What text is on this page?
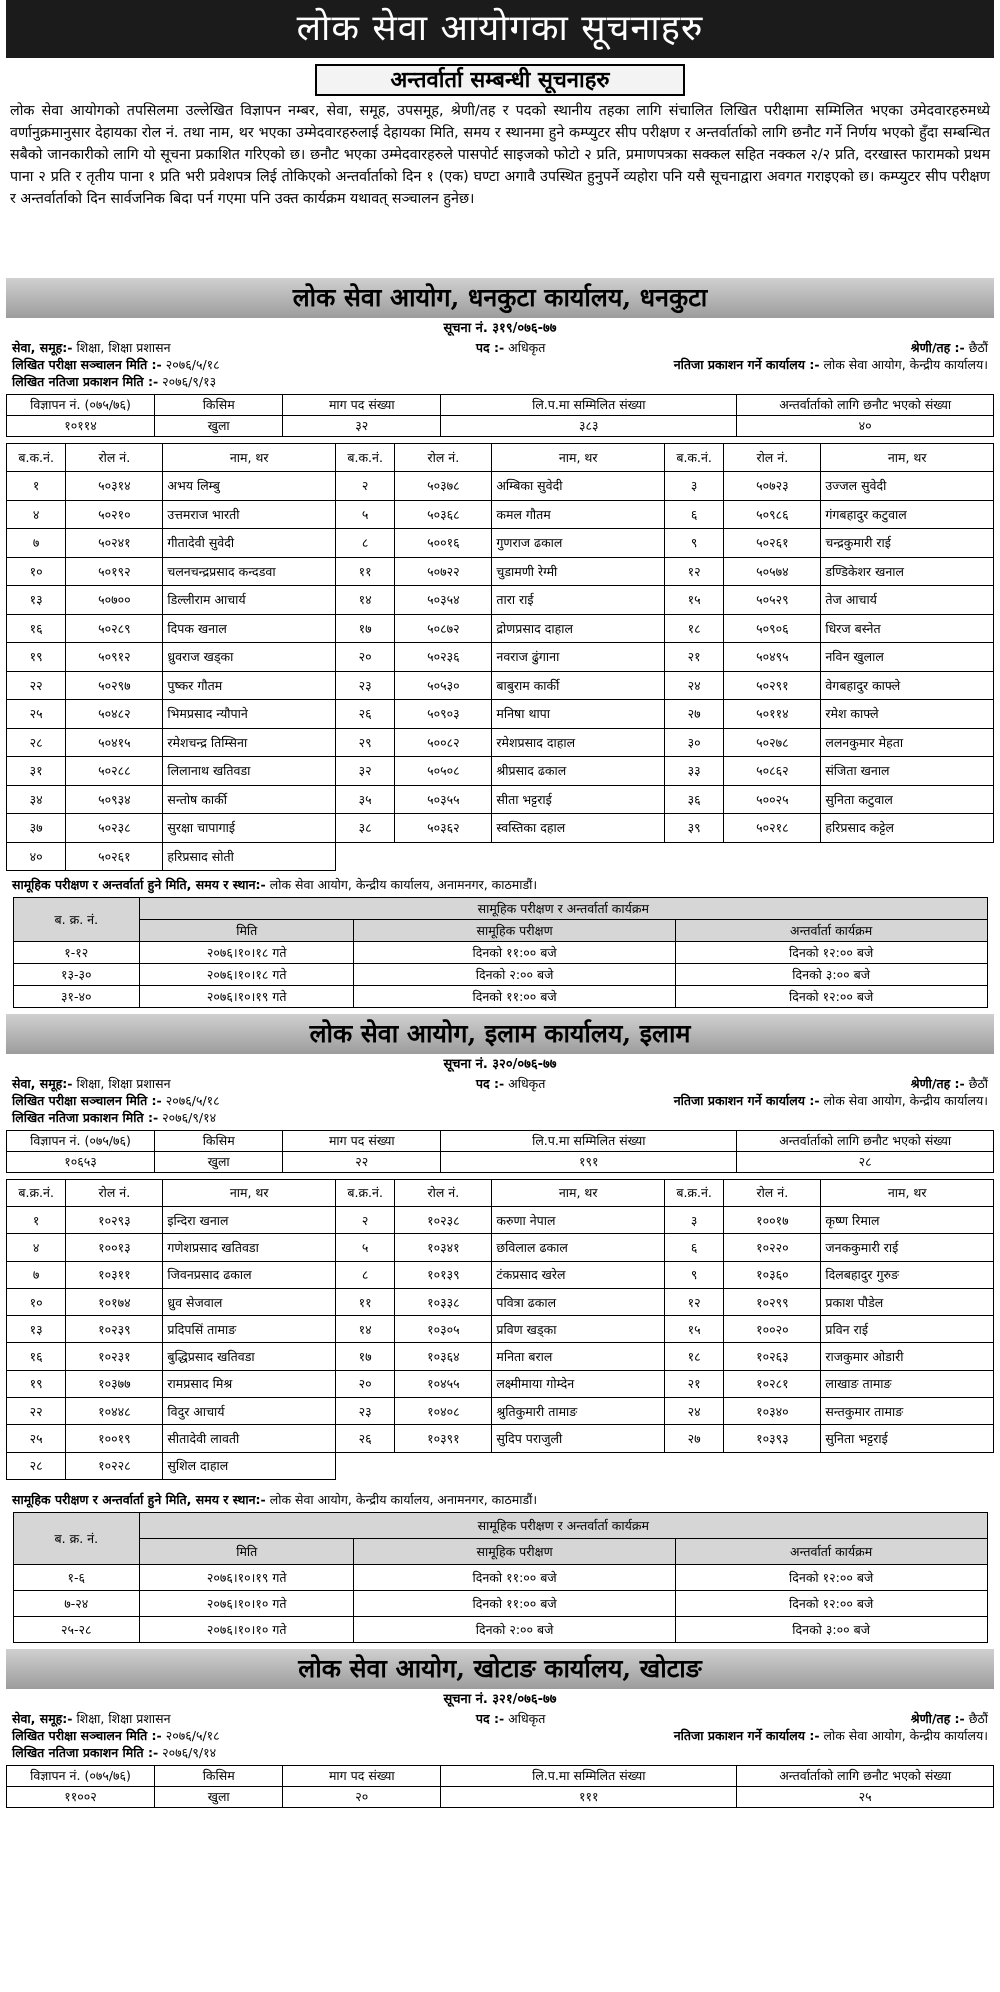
लोक सेवा आयोगका सूचनाहरु
अन्तर्वार्ता सम्बन्धी सूचनाहरु

लोक सेवा आयोगको तपसिलमा उल्लेखित विज्ञापन नम्बर, सेवा, समूह, उपसमूह, श्रेणी/तह र पदको स्थानीय तहका लागि संचालित लिखित परीक्षामा सम्मिलित भएका उमेदवारहरुमध्ये वर्णानुक्रमानुसार देहायका रोल नं. तथा नाम, थर भएका उम्मेदवारहरुलाई देहायका मिति, समय र स्थानमा हुने कम्प्युटर सीप परीक्षण र अन्तर्वार्ताको लागि छनौट गर्ने निर्णय भएको हुँदा सम्बन्धित सबैको जानकारीको लागि यो सूचना प्रकाशित गरिएको छ। छनौट भएका उम्मेदवारहरुले पासपोर्ट साइजको फोटो २ प्रति, प्रमाणपत्रका सक्कल सहित नक्कल २/२ प्रति, दरखास्त फारामको प्रथम पाना २ प्रति र तृतीय पाना १ प्रति भरी प्रवेशपत्र लिई तोकिएको अन्तर्वार्ताको दिन १ (एक) घण्टा अगावै उपस्थित हुनुपर्ने व्यहोरा पनि यसै सूचनाद्वारा अवगत गराइएको छ। कम्प्युटर सीप परीक्षण र अन्तर्वार्ताको दिन सार्वजनिक बिदा पर्न गएमा पनि उक्त कार्यक्रम यथावत् सञ्चालन हुनेछ।

लोक सेवा आयोग, धनकुटा कार्यालय, धनकुटा
सूचना नं. ३१९/०७६-७७
सेवा, समूह:- शिक्षा, शिक्षा प्रशासन	पद :- अधिकृत	श्रेणी/तह :- छैठौं
लिखित परीक्षा सञ्चालन मिति :- २०७६/५/१८	नतिजा प्रकाशन गर्ने कार्यालय :- लोक सेवा आयोग, केन्द्रीय कार्यालय।
लिखित नतिजा प्रकाशन मिति :- २०७६/९/१३
विज्ञापन नं. (०७५/७६)	किसिम	माग पद संख्या	लि.प.मा सम्मिलित संख्या	अन्तर्वार्ताको लागि छनौट भएको संख्या
१०११४	खुला	३२	३८३	४०
ब.क.नं.	रोल नं.	नाम, थर	ब.क.नं.	रोल नं.	नाम, थर	ब.क.नं.	रोल नं.	नाम, थर
१	५०३१४	अभय लिम्बु	२	५०३७८	अम्बिका सुवेदी	३	५०७२३	उज्जल सुवेदी
४	५०२१०	उत्तमराज भारती	५	५०३६८	कमल गौतम	६	५०९८६	गंगबहादुर कटुवाल
७	५०२४१	गीतादेवी सुवेदी	८	५००१६	गुणराज ढकाल	९	५०२६१	चन्द्रकुमारी राई
१०	५०१९२	चलनचन्द्रप्रसाद कन्दडवा	११	५०७२२	चुडामणी रेग्मी	१२	५०५७४	डण्डिकेशर खनाल
१३	५०७००	डिल्लीराम आचार्य	१४	५०३५४	तारा राई	१५	५०५२९	तेज आचार्य
१६	५०२८९	दिपक खनाल	१७	५०८७२	द्रोणप्रसाद दाहाल	१८	५०९०६	धिरज बस्नेत
१९	५०९१२	ध्रुवराज खड्का	२०	५०२३६	नवराज ढुंगाना	२१	५०४९५	नविन खुलाल
२२	५०२९७	पुष्कर गौतम	२३	५०५३०	बाबुराम कार्की	२४	५०२९१	वेगबहादुर काफ्ले
२५	५०४८२	भिमप्रसाद न्यौपाने	२६	५०९०३	मनिषा थापा	२७	५०११४	रमेश काफ्ले
२८	५०४१५	रमेशचन्द्र तिम्सिना	२९	५००८२	रमेशप्रसाद दाहाल	३०	५०२७८	ललनकुमार मेहता
३१	५०२८८	लिलानाथ खतिवडा	३२	५०५०८	श्रीप्रसाद ढकाल	३३	५०८६२	संजिता खनाल
३४	५०९३४	सन्तोष कार्की	३५	५०३५५	सीता भट्टराई	३६	५००२५	सुनिता कटुवाल
३७	५०२३८	सुरक्षा चापागाई	३८	५०३६२	स्वस्तिका दहाल	३९	५०२१८	हरिप्रसाद कट्टेल
४०	५०२६१	हरिप्रसाद सोती						
सामूहिक परीक्षण र अन्तर्वार्ता हुने मिति, समय र स्थान:- लोक सेवा आयोग, केन्द्रीय कार्यालय, अनामनगर, काठमाडौं।
ब. क्र. नं.	सामूहिक परीक्षण र अन्तर्वार्ता कार्यक्रम		
	मिति	सामूहिक परीक्षण	अन्तर्वार्ता कार्यक्रम
१-१२	२०७६।१०।१८ गते	दिनको ११:०० बजे	दिनको १२:०० बजे
१३-३०	२०७६।१०।१८ गते	दिनको २:०० बजे	दिनको ३:०० बजे
३१-४०	२०७६।१०।१९ गते	दिनको ११:०० बजे	दिनको १२:०० बजे
लोक सेवा आयोग, इलाम कार्यालय, इलाम
सूचना नं. ३२०/०७६-७७
सेवा, समूह:- शिक्षा, शिक्षा प्रशासन	पद :- अधिकृत	श्रेणी/तह :- छैठौं
लिखित परीक्षा सञ्चालन मिति :- २०७६/५/१८	नतिजा प्रकाशन गर्ने कार्यालय :- लोक सेवा आयोग, केन्द्रीय कार्यालय।
लिखित नतिजा प्रकाशन मिति :- २०७६/९/१४
विज्ञापन नं. (०७५/७६)	किसिम	माग पद संख्या	लि.प.मा सम्मिलित संख्या	अन्तर्वार्ताको लागि छनौट भएको संख्या
१०६५३	खुला	२२	१९१	२८
ब.क्र.नं.	रोल नं.	नाम, थर	ब.क्र.नं.	रोल नं.	नाम, थर	ब.क्र.नं.	रोल नं.	नाम, थर
१	१०२९३	इन्दिरा खनाल	२	१०२३८	करुणा नेपाल	३	१००१७	कृष्ण रिमाल
४	१००१३	गणेशप्रसाद खतिवडा	५	१०३४१	छविलाल ढकाल	६	१०२२०	जनककुमारी राई
७	१०३११	जिवनप्रसाद ढकाल	८	१०१३९	टंकप्रसाद खरेल	९	१०३६०	दिलबहादुर गुरुङ
१०	१०१७४	ध्रुव सेजवाल	११	१०३३८	पवित्रा ढकाल	१२	१०२९९	प्रकाश पौडेल
१३	१०२३९	प्रदिपसिं तामाङ	१४	१०३०५	प्रविण खड्का	१५	१००२०	प्रविन राई
१६	१०२३१	बुद्धिप्रसाद खतिवडा	१७	१०३६४	मनिता बराल	१८	१०२६३	राजकुमार ओडारी
१९	१०३७७	रामप्रसाद मिश्र	२०	१०४५५	लक्ष्मीमाया गोम्देन	२१	१०२८१	लाखाङ तामाङ
२२	१०४४८	विदुर आचार्य	२३	१०४०८	श्रुतिकुमारी तामाङ	२४	१०३४०	सन्तकुमार तामाङ
२५	१००१९	सीतादेवी लावती	२६	१०३९१	सुदिप पराजुली	२७	१०३९३	सुनिता भट्टराई
२८	१०२२८	सुशिल दाहाल						
सामूहिक परीक्षण र अन्तर्वार्ता हुने मिति, समय र स्थान:- लोक सेवा आयोग, केन्द्रीय कार्यालय, अनामनगर, काठमाडौं।
ब. क्र. नं.	सामूहिक परीक्षण र अन्तर्वार्ता कार्यक्रम		
	मिति	सामूहिक परीक्षण	अन्तर्वार्ता कार्यक्रम
१-६	२०७६।१०।१९ गते	दिनको ११:०० बजे	दिनको १२:०० बजे
७-२४	२०७६।१०।१० गते	दिनको ११:०० बजे	दिनको १२:०० बजे
२५-२८	२०७६।१०।१० गते	दिनको २:०० बजे	दिनको ३:०० बजे
लोक सेवा आयोग, खोटाङ कार्यालय, खोटाङ
सूचना नं. ३२१/०७६-७७
सेवा, समूह:- शिक्षा, शिक्षा प्रशासन	पद :- अधिकृत	श्रेणी/तह :- छैठौं
लिखित परीक्षा सञ्चालन मिति :- २०७६/५/१८	नतिजा प्रकाशन गर्ने कार्यालय :- लोक सेवा आयोग, केन्द्रीय कार्यालय।
लिखित नतिजा प्रकाशन मिति :- २०७६/९/१४
विज्ञापन नं. (०७५/७६)	किसिम	माग पद संख्या	लि.प.मा सम्मिलित संख्या	अन्तर्वार्ताको लागि छनौट भएको संख्या
११००२	खुला	२०	१११	२५
